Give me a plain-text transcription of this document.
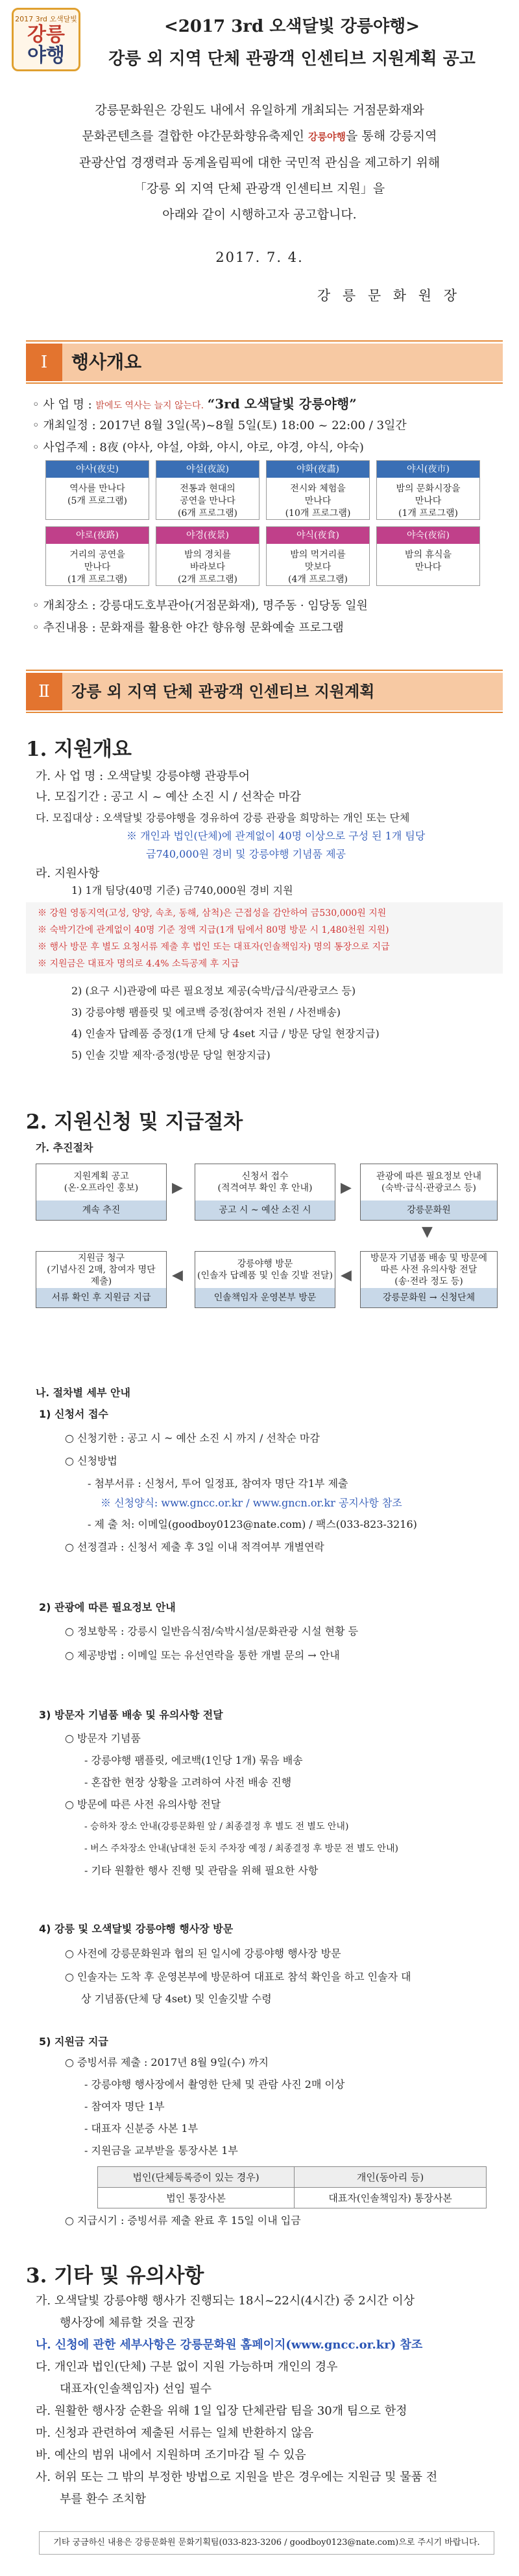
2017 3rd 오색달빛
강릉
야행
<2017 3rd 오색달빛 강릉야행>
강릉 외 지역 단체 관광객 인센티브 지원계획 공고
강릉문화원은 강원도 내에서 유일하게 개최되는 거점문화재와
문화콘텐츠를 결합한 야간문화향유축제인 강릉야행을 통해 강릉지역
관광산업 경쟁력과 동계올림픽에 대한 국민적 관심을 제고하기 위해
「강릉 외 지역 단체 관광객 인센티브 지원」을
아래와 같이 시행하고자 공고합니다.
2017. 7. 4.
강 릉 문 화 원 장
I	행사개요
◦ 사 업 명 : 밝에도 역사는 늘지 않는다. “3rd 오색달빛 강릉야행”
◦ 개최일정 : 2017년 8월 3일(목)~8월 5일(토) 18:00 ~ 22:00 / 3일간
◦ 사업주제 : 8夜 (야사, 야설, 야화, 야시, 야로, 야경, 야식, 야숙)
야사(夜史)
역사를 만나다
(5개 프로그램)
야설(夜說)
전통과 현대의
공연을 만나다
(6개 프로그램)
야화(夜畵)
전시와 체험을
만나다
(10개 프로그램)
야시(夜市)
밤의 문화시장을
만나다
(1개 프로그램)
야로(夜路)
거리의 공연을
만나다
(1개 프로그램)
야경(夜景)
밤의 경치를
바라보다
(2개 프로그램)
야식(夜食)
밤의 먹거리를
맛보다
(4개 프로그램)
야숙(夜宿)
밤의 휴식을
만나다
◦ 개최장소 : 강릉대도호부관아(거점문화재), 명주동 · 임당동 일원
◦ 추진내용 : 문화재를 활용한 야간 향유형 문화예술 프로그램
Ⅱ	강릉 외 지역 단체 관광객 인센티브 지원계획
1. 지원개요
가. 사 업 명 : 오색달빛 강릉야행 관광투어
나. 모집기간 : 공고 시 ~ 예산 소진 시 / 선착순 마감
다. 모집대상 : 오색달빛 강릉야행을 경유하여 강릉 관광을 희망하는 개인 또는 단체
※ 개인과 법인(단체)에 관계없이 40명 이상으로 구성 된 1개 팀당
금740,000원 경비 및 강릉야행 기념품 제공
라. 지원사항
1) 1개 팀당(40명 기준) 금740,000원 경비 지원
※ 강원 영동지역(고성, 양양, 속초, 동해, 삼척)은 근접성을 감안하여 금530,000원 지원
※ 숙박기간에 관계없이 40명 기준 정액 지급(1개 팀에서 80명 방문 시 1,480천원 지원)
※ 행사 방문 후 별도 요청서류 제출 후 법인 또는 대표자(인솔책임자) 명의 통장으로 지급
※ 지원금은 대표자 명의로 4.4% 소득공제 후 지급
2) (요구 시)관광에 따른 필요정보 제공(숙박/급식/관광코스 등)
3) 강릉야행 팸플릿 및 에코백 증정(참여자 전원 / 사전배송)
4) 인솔자 답례품 증정(1개 단체 당 4set 지급 / 방문 당일 현장지급)
5) 인솔 깃발 제작·증정(방문 당일 현장지급)
2. 지원신청 및 지급절차
가. 추진절차
지원계획 공고
(온·오프라인 홍보)
계속 추진
신청서 접수
(적격여부 확인 후 안내)
공고 시 ~ 예산 소진 시
관광에 따른 필요정보 안내
(숙박·급식·관광코스 등)
강릉문화원
지원금 청구
(기념사진 2매, 참여자 명단
제출)
서류 확인 후 지원금 지급
강릉야행 방문
(인솔자 답례품 및 인솔 깃발 전달)
인솔책임자 운영본부 방문
방문자 기념품 배송 및 방문에
따른 사전 유의사항 전달
(송·전라 정도 등)
강릉문화원 → 신청단체
▶	▶
▼
◀
◀
나. 절차별 세부 안내
1) 신청서 접수
○ 신청기한 : 공고 시 ~ 예산 소진 시 까지 / 선착순 마감
○ 신청방법
- 첨부서류 : 신청서, 투어 일정표, 참여자 명단 각1부 제출
※ 신청양식: www.gncc.or.kr / www.gncn.or.kr 공지사항 참조
- 제 출 처: 이메일(goodboy0123@nate.com) / 팩스(033-823-3216)
○ 선정결과 : 신청서 제출 후 3일 이내 적격여부 개별연락
2) 관광에 따른 필요정보 안내
○ 정보항목 : 강릉시 일반음식점/숙박시설/문화관광 시설 현황 등
○ 제공방법 : 이메일 또는 유선연락을 통한 개별 문의 → 안내
3) 방문자 기념품 배송 및 유의사항 전달
○ 방문자 기념품
- 강릉야행 팸플릿, 에코백(1인당 1개) 묶음 배송
- 혼잡한 현장 상황을 고려하여 사전 배송 진행
○ 방문에 따른 사전 유의사항 전달
- 승하차 장소 안내(강릉문화원 앞 / 최종결정 후 별도 전 별도 안내)
- 버스 주차장소 안내(남대천 둔치 주차장 예정 / 최종결정 후 방문 전 별도 안내)
- 기타 원활한 행사 진행 및 관람을 위해 필요한 사항
4) 강릉 및 오색달빛 강릉야행 행사장 방문
○ 사전에 강릉문화원과 협의 된 일시에 강릉야행 행사장 방문
○ 인솔자는 도착 후 운영본부에 방문하여 대표로 참석 확인을 하고 인솔자 대
상 기념품(단체 당 4set) 및 인솔깃발 수령
5) 지원금 지급
○ 증빙서류 제출 : 2017년 8월 9일(수) 까지
- 강릉야행 행사장에서 촬영한 단체 및 관람 사진 2매 이상
- 참여자 명단 1부
- 대표자 신분증 사본 1부
- 지원금을 교부받을 통장사본 1부
법인(단체등록증이 있는 경우)	개인(동아리 등)
법인 통장사본	대표자(인솔책임자) 통장사본
○ 지급시기 : 증빙서류 제출 완료 후 15일 이내 입금
3. 기타 및 유의사항
가. 오색달빛 강릉야행 행사가 진행되는 18시~22시(4시간) 중 2시간 이상
행사장에 체류할 것을 권장
나. 신청에 관한 세부사항은 강릉문화원 홈페이지(www.gncc.or.kr) 참조
다. 개인과 법인(단체) 구분 없이 지원 가능하며 개인의 경우
대표자(인솔책임자) 선임 필수
라. 원활한 행사장 순환을 위해 1일 입장 단체관람 팀을 30개 팀으로 한정
마. 신청과 관련하여 제출된 서류는 일체 반환하지 않음
바. 예산의 범위 내에서 지원하며 조기마감 될 수 있음
사. 허위 또는 그 밖의 부정한 방법으로 지원을 받은 경우에는 지원금 및 물품 전
부를 환수 조치함
기타 궁금하신 내용은 강릉문화원 문화기획팀(033-823-3206 / goodboy0123@nate.com)으로 주시기 바랍니다.
